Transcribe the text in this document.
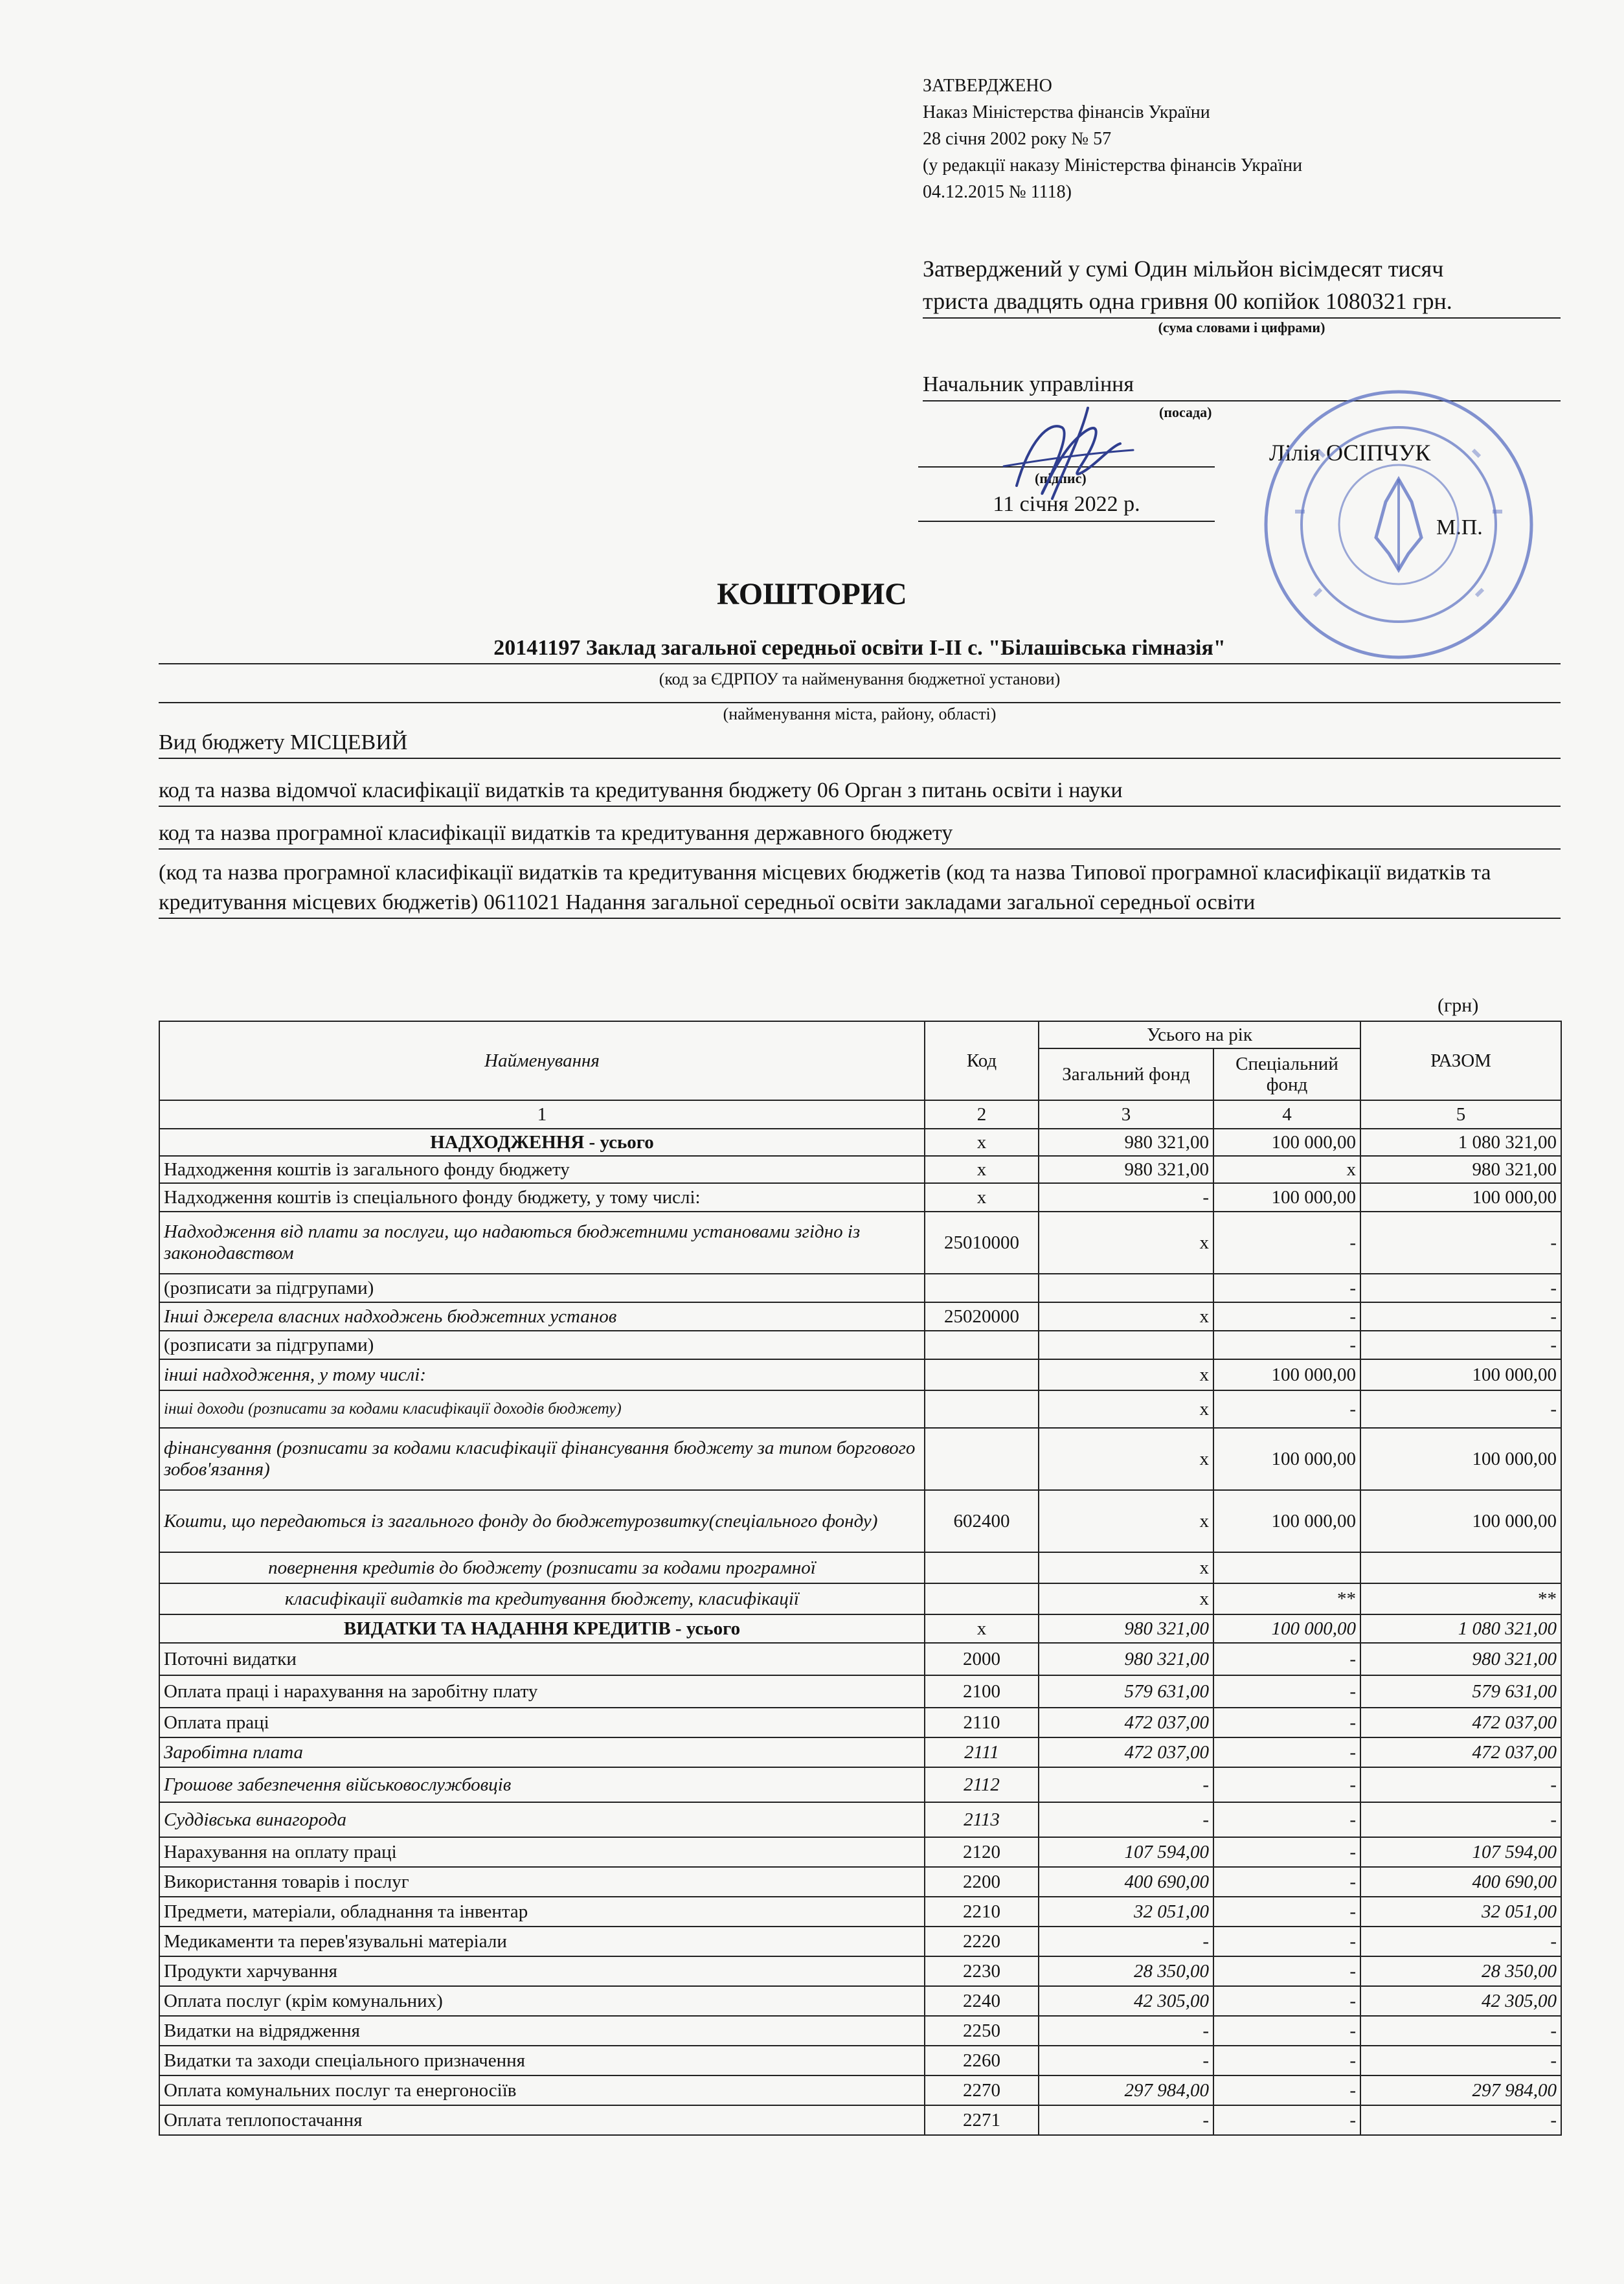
ЗАТВЕРДЖЕНО
Наказ Міністерства фінансів України
28 січня 2002 року № 57
(у редакції наказу Міністерства фінансів України
04.12.2015 № 1118)
Затверджений у сумі Один мільйон вісімдесят тисяч
триста двадцять одна гривня 00 копійок 1080321 грн.
(сума словами і цифрами)
Начальник управління
(посада)
(підпис)
Лілія ОСІПЧУК
11 січня 2022 р.
М.П.
КОШТОРИС
20141197 Заклад загальної середньої освіти І-ІІ с. "Білашівська гімназія"
(код за ЄДРПОУ та найменування бюджетної установи)
(найменування міста, району, області)
Вид бюджету МІСЦЕВИЙ
код та назва відомчої класифікації видатків та кредитування бюджету 06 Орган з питань освіти і науки
код та назва програмної класифікації видатків та кредитування державного бюджету
(код та назва програмної класифікації видатків та кредитування місцевих бюджетів (код та назва Типової програмної класифікації видатків та кредитування місцевих бюджетів) 0611021 Надання загальної середньої освіти закладами загальної середньої освіти
(грн)
Найменування	Код	Усього на рік		РАЗОМ
		Загальний фонд	Спеціальний фонд	
1	2	3	4	5
НАДХОДЖЕННЯ - усього	x	980 321,00	100 000,00	1 080 321,00
Надходження коштів із загального фонду бюджету	x	980 321,00	x	980 321,00
Надходження коштів із спеціального фонду бюджету, у тому числі:	x	-	100 000,00	100 000,00
Надходження від плати за послуги, що надаються бюджетними установами згідно із законодавством	25010000	x	-	-
(розписати за підгрупами)			-	-
Інші джерела власних надходжень бюджетних установ	25020000	x	-	-
(розписати за підгрупами)			-	-
інші надходження, у тому числі:		x	100 000,00	100 000,00
інші доходи (розписати за кодами класифікації доходів бюджету)		x	-	-
фінансування (розписати за кодами класифікації фінансування бюджету за типом боргового зобов'язання)		x	100 000,00	100 000,00
Кошти, що передаються із загального фонду до бюджетурозвитку(спеціального фонду)	602400	x	100 000,00	100 000,00
повернення кредитів до бюджету (розписати за кодами програмної		x		
класифікації видатків та кредитування бюджету, класифікації		x	**	**
ВИДАТКИ ТА НАДАННЯ КРЕДИТІВ - усього	x	980 321,00	100 000,00	1 080 321,00
Поточні видатки	2000	980 321,00	-	980 321,00
Оплата праці і нарахування на заробітну плату	2100	579 631,00	-	579 631,00
Оплата праці	2110	472 037,00	-	472 037,00
Заробітна плата	2111	472 037,00	-	472 037,00
Грошове забезпечення військовослужбовців	2112	-	-	-
Суддівська винагорода	2113	-	-	-
Нарахування на оплату праці	2120	107 594,00	-	107 594,00
Використання товарів і послуг	2200	400 690,00	-	400 690,00
Предмети, матеріали, обладнання та інвентар	2210	32 051,00	-	32 051,00
Медикаменти та перев'язувальні матеріали	2220	-	-	-
Продукти харчування	2230	28 350,00	-	28 350,00
Оплата послуг (крім комунальних)	2240	42 305,00	-	42 305,00
Видатки на відрядження	2250	-	-	-
Видатки та заходи спеціального призначення	2260	-	-	-
Оплата комунальних послуг та енергоносіїв	2270	297 984,00	-	297 984,00
Оплата теплопостачання	2271	-	-	-
